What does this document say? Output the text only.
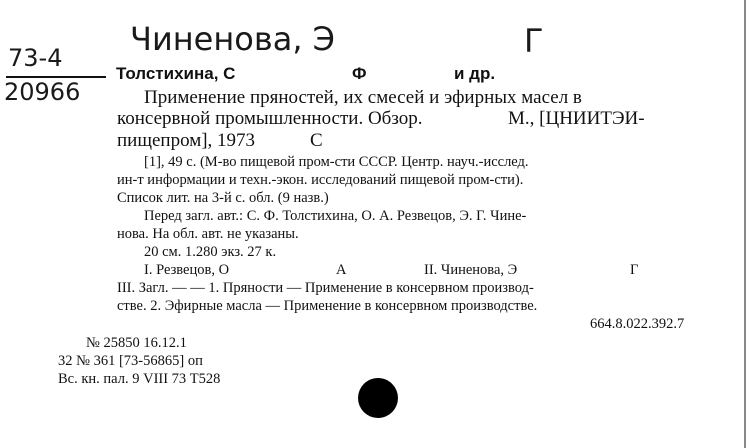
73-4
20966
Чиненова, Э	Г
Толстихина, С	Ф	и др.
Применение пряностей, их смесей и эфирных масел в
консервной промышленности. Обзор.	М., [ЦНИИТЭИ-
пищепром], 1973	С
[1], 49 с. (М-во пищевой пром-сти СССР. Центр. науч.-исслед.
ин-т информации и техн.-экон. исследований пищевой пром-сти).
Список лит. на 3-й с. обл. (9 назв.)
Перед загл. авт.: С. Ф. Толстихина, О. А. Резвецов, Э. Г. Чине-
нова. На обл. авт. не указаны.
20 см. 1.280 экз. 27 к.
I. Резвецов, О	А	II. Чиненова, Э	Г
III. Загл. — — 1. Пряности — Применение в консервном производ-
стве. 2. Эфирные масла — Применение в консервном производстве.
664.8.022.392.7
№ 25850 16.12.1
32 № 361 [73-56865] оп
Вс. кн. пал. 9 VIII 73 Т528
